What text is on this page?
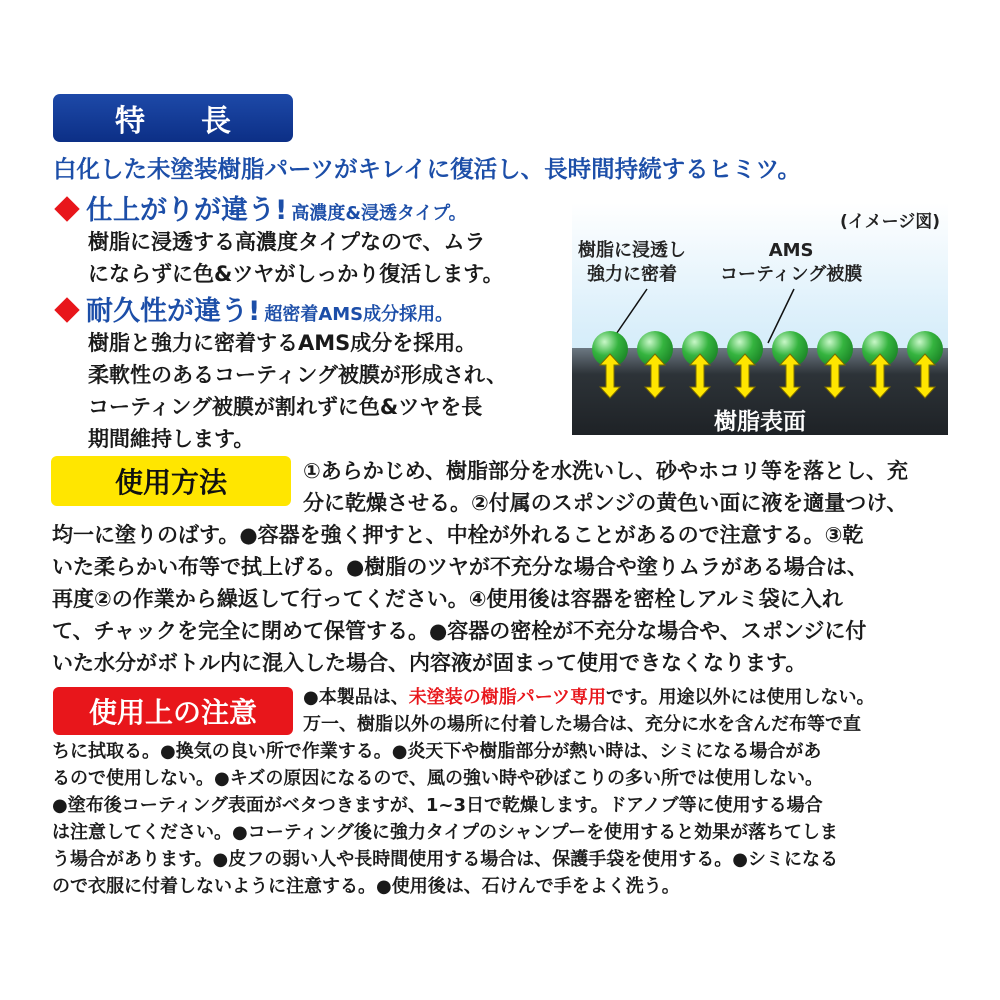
特長
白化した未塗装樹脂パーツがキレイに復活し、長時間持続するヒミツ。
仕上がりが違う! 高濃度&浸透タイプ。
樹脂に浸透する高濃度タイプなので、ムラ
にならずに色&ツヤがしっかり復活します。
耐久性が違う! 超密着AMS成分採用。
樹脂と強力に密着するAMS成分を採用。
柔軟性のあるコーティング被膜が形成され、
コーティング被膜が割れずに色&ツヤを長
期間維持します。
(イメージ図)
樹脂に浸透し
強力に密着
AMS
コーティング被膜
樹脂表面
使用方法	①あらかじめ、樹脂部分を水洗いし、砂やホコリ等を落とし、充
分に乾燥させる。②付属のスポンジの黄色い面に液を適量つけ、
均一に塗りのばす。●容器を強く押すと、中栓が外れることがあるので注意する。③乾
いた柔らかい布等で拭上げる。●樹脂のツヤが不充分な場合や塗りムラがある場合は、
再度②の作業から繰返して行ってください。④使用後は容器を密栓しアルミ袋に入れ
て、チャックを完全に閉めて保管する。●容器の密栓が不充分な場合や、スポンジに付
いた水分がボトル内に混入した場合、内容液が固まって使用できなくなります。
使用上の注意	●本製品は、未塗装の樹脂パーツ専用です。用途以外には使用しない。
万一、樹脂以外の場所に付着した場合は、充分に水を含んだ布等で直
ちに拭取る。●換気の良い所で作業する。●炎天下や樹脂部分が熱い時は、シミになる場合があ
るので使用しない。●キズの原因になるので、風の強い時や砂ぼこりの多い所では使用しない。
●塗布後コーティング表面がベタつきますが、1~3日で乾燥します。ドアノブ等に使用する場合
は注意してください。●コーティング後に強力タイプのシャンプーを使用すると効果が落ちてしま
う場合があります。●皮フの弱い人や長時間使用する場合は、保護手袋を使用する。●シミになる
ので衣服に付着しないように注意する。●使用後は、石けんで手をよく洗う。
